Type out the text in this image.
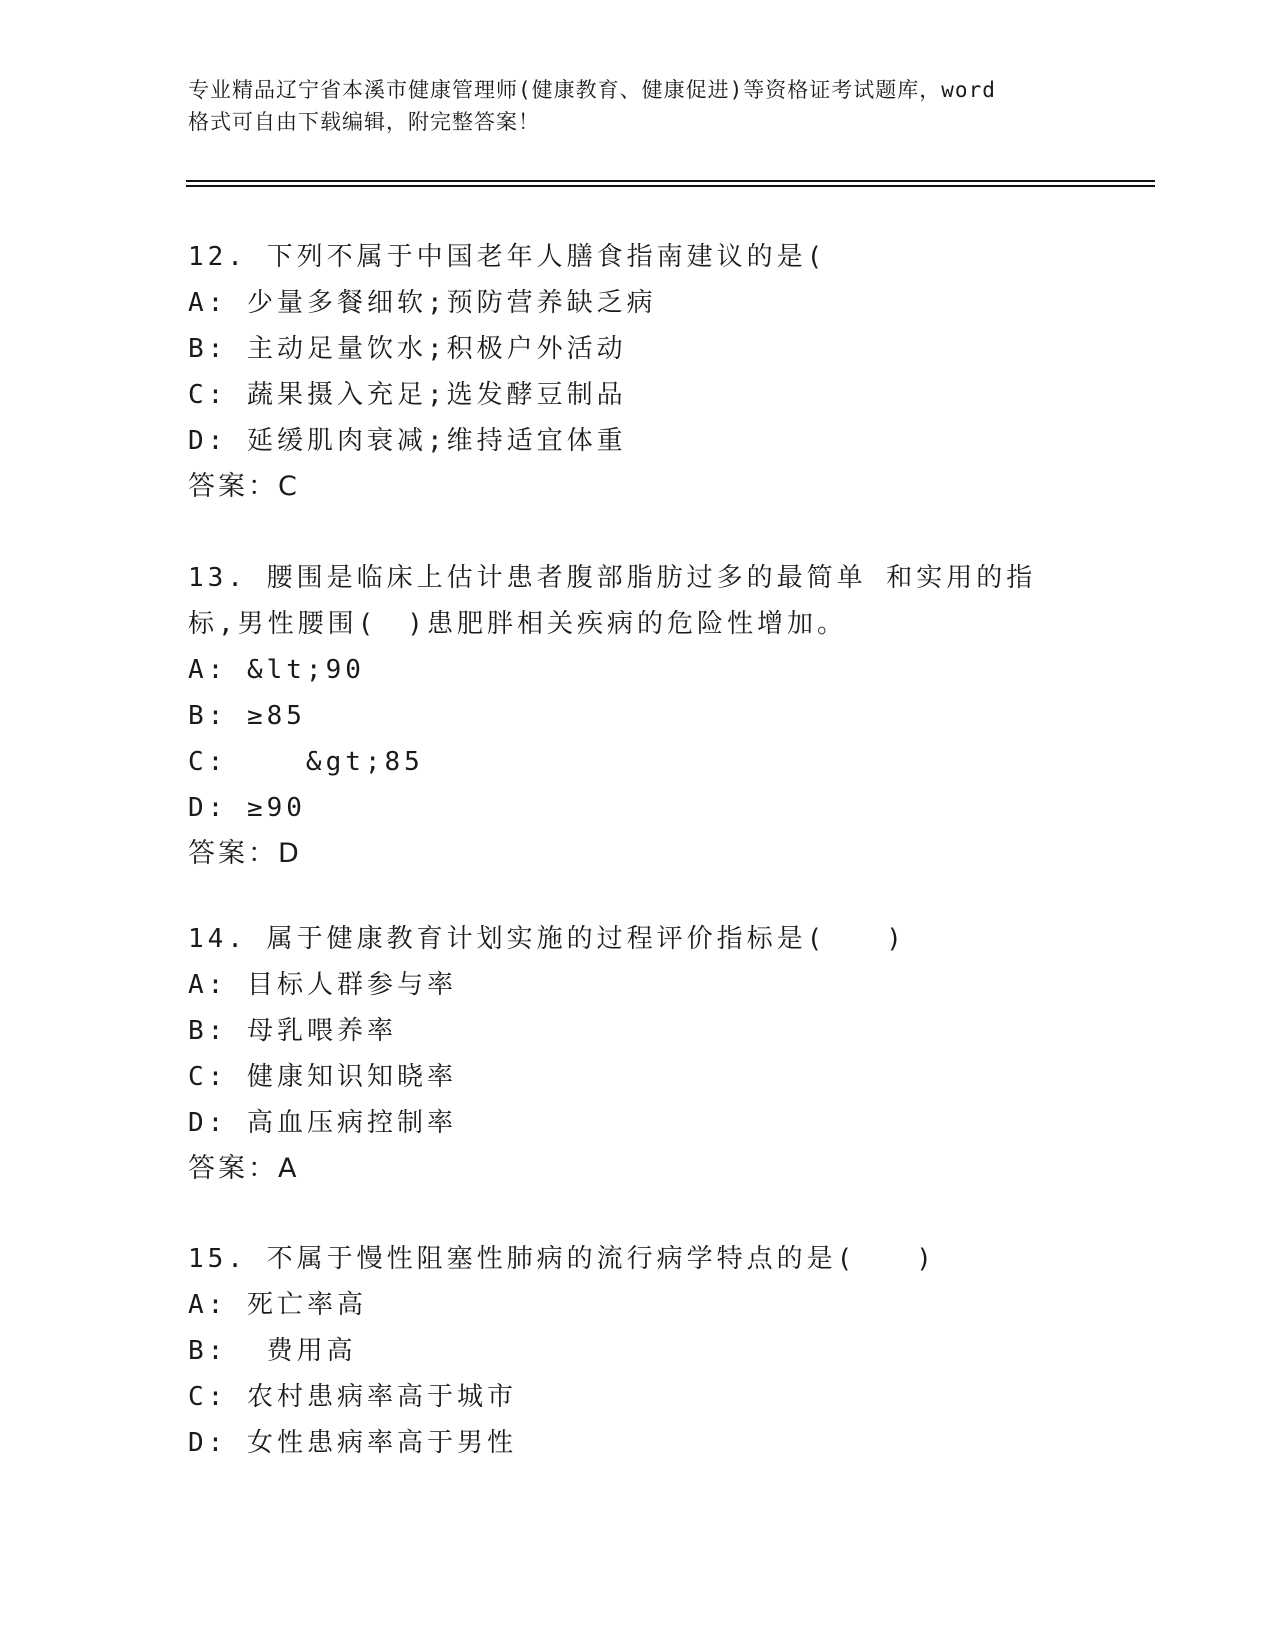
专业精品辽宁省本溪市健康管理师(健康教育、健康促进)等资格证考试题库，word
格式可自由下载编辑，附完整答案！
12. 下列不属于中国老年人膳食指南建议的是(
A: 少量多餐细软;预防营养缺乏病
B: 主动足量饮水;积极户外活动
C: 蔬果摄入充足;选发酵豆制品
D: 延缓肌肉衰减;维持适宜体重
答案：C
13. 腰围是临床上估计患者腹部脂肪过多的最简单 和实用的指标,男性腰围(　)患肥胖相关疾病的危险性增加。
A: &lt;90
B: ≥85
C:    &gt;85
D: ≥90
答案：D
14. 属于健康教育计划实施的过程评价指标是(　　)
A: 目标人群参与率
B: 母乳喂养率
C: 健康知识知晓率
D: 高血压病控制率
答案：A
15. 不属于慢性阻塞性肺病的流行病学特点的是(　　)
A: 死亡率高
B:  费用高
C: 农村患病率高于城市
D: 女性患病率高于男性
